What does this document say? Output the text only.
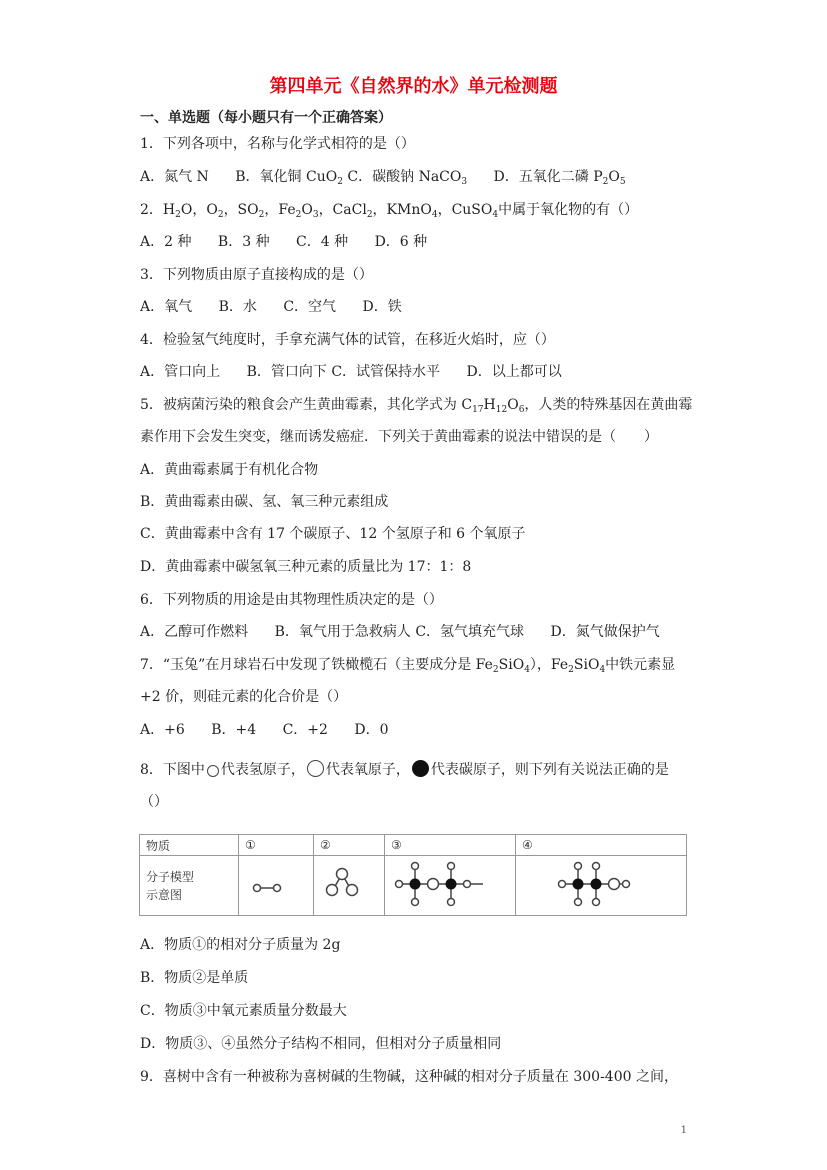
第四单元《自然界的水》单元检测题
一、单选题（每小题只有一个正确答案）
1．下列各项中，名称与化学式相符的是（）
A．氮气 N B．氧化铜 CuO$_2$ C．碳酸钠 NaCO$_3$ D．五氧化二磷 $P_2O_5$
2．$H_2O$，$O_2$，$SO_2$，$Fe_2O_3$，CaCl$_2$，KMnO$_4$，CuSO$_4$中属于氧化物的有（）
A．2 种 B．3 种 C．4 种 D．6 种
3．下列物质由原子直接构成的是（）
A．氧气 B．水 C．空气 D．铁
4．检验氢气纯度时，手拿充满气体的试管，在移近火焰时，应（）
A．管口向上 B．管口向下 C．试管保持水平 D．以上都可以
5．被病菌污染的粮食会产生黄曲霉素，其化学式为 $C_{17}H_{12}O_6$，人类的特殊基因在黄曲霉
素作用下会发生突变，继而诱发癌症．下列关于黄曲霉素的说法中错误的是（　　）
A．黄曲霉素属于有机化合物
B．黄曲霉素由碳、氢、氧三种元素组成
C．黄曲霉素中含有 17 个碳原子、12 个氢原子和 6 个氧原子
D．黄曲霉素中碳氢氧三种元素的质量比为 17：1：8
6．下列物质的用途是由其物理性质决定的是（）
A．乙醇可作燃料 B．氧气用于急救病人 C．氢气填充气球 D．氮气做保护气
7．“玉兔”在月球岩石中发现了铁橄榄石（主要成分是 $Fe_2SiO_4$），$Fe_2SiO_4$中铁元素显
+2 价，则硅元素的化合价是（）
A．+6 B．+4 C．+2 D．0
8．下图中 代表氢原子， 代表氧原子， 代表碳原子，则下列有关说法正确的是
（）
物质	①	②	③	④

分子模型
示意图

A．物质①的相对分子质量为 2g
B．物质②是单质
C．物质③中氧元素质量分数最大
D．物质③、④虽然分子结构不相同，但相对分子质量相同
9．喜树中含有一种被称为喜树碱的生物碱，这种碱的相对分子质量在 300-400 之间，
1
